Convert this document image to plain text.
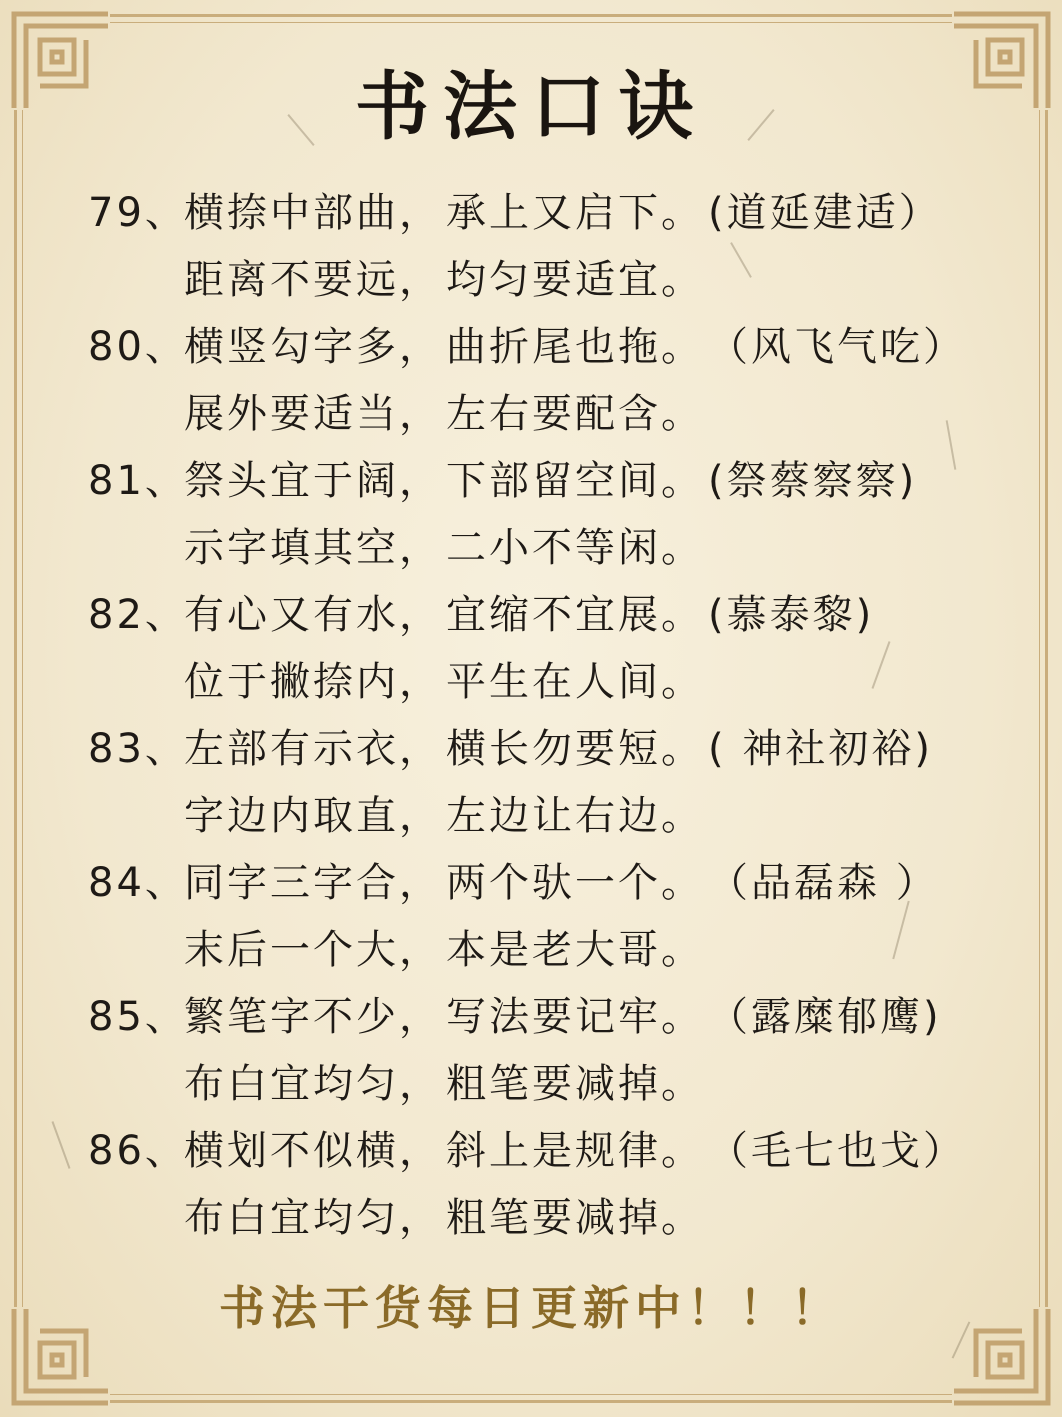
书法口诀
79、
横捺中部曲， 承上又启下。 (道延建适）
距离不要远， 均匀要适宜。
80、
横竖勾字多， 曲折尾也拖。 （风飞气吃）
展外要适当， 左右要配含。
81、
祭头宜于阔， 下部留空间。 (祭蔡察察)
示字填其空， 二小不等闲。
82、
有心又有水， 宜缩不宜展。 (慕泰黎)
位于撇捺内， 平生在人间。
83、
左部有示衣， 横长勿要短。 ( 神社初裕)
字边内取直， 左边让右边。
84、
同字三字合， 两个驮一个。 （品磊森 ）
末后一个大， 本是老大哥。
85、
繁笔字不少， 写法要记牢。 （露糜郁鹰)
布白宜均匀， 粗笔要减掉。
86、
横划不似横， 斜上是规律。 （毛七也戈）
布白宜均匀， 粗笔要减掉。
书法干货每日更新中！！！
